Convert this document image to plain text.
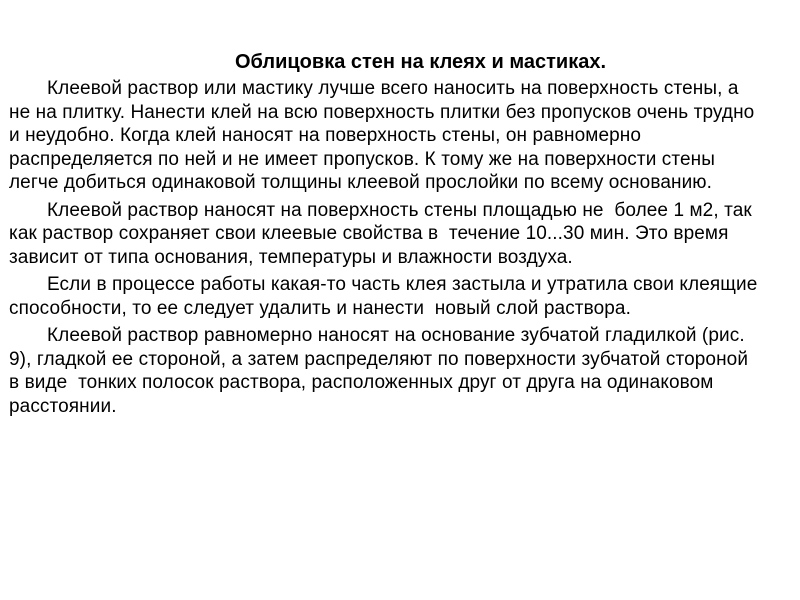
Облицовка стен на клеях и мастиках.
Клеевой раствор или мастику лучше всего наносить на поверхность стены, а
не на плитку. Нанести клей на всю поверхность плитки без пропусков очень трудно
и неудобно. Когда клей наносят на поверхность стены, он равномерно
распределяется по ней и не имеет пропусков. К тому же на поверхности стены
легче добиться одинаковой толщины клеевой прослойки по всему основанию.
Клеевой раствор наносят на поверхность стены площадью не  более 1 м2, так
как раствор сохраняет свои клеевые свойства в  течение 10...30 мин. Это время
зависит от типа основания, температуры и влажности воздуха.
Если в процессе работы какая-то часть клея застыла и утратила свои клеящие
способности, то ее следует удалить и нанести  новый слой раствора.
Клеевой раствор равномерно наносят на основание зубчатой гладилкой (рис.
9), гладкой ее стороной, а затем распределяют по поверхности зубчатой стороной
в виде  тонких полосок раствора, расположенных друг от друга на одинаковом
расстоянии.
